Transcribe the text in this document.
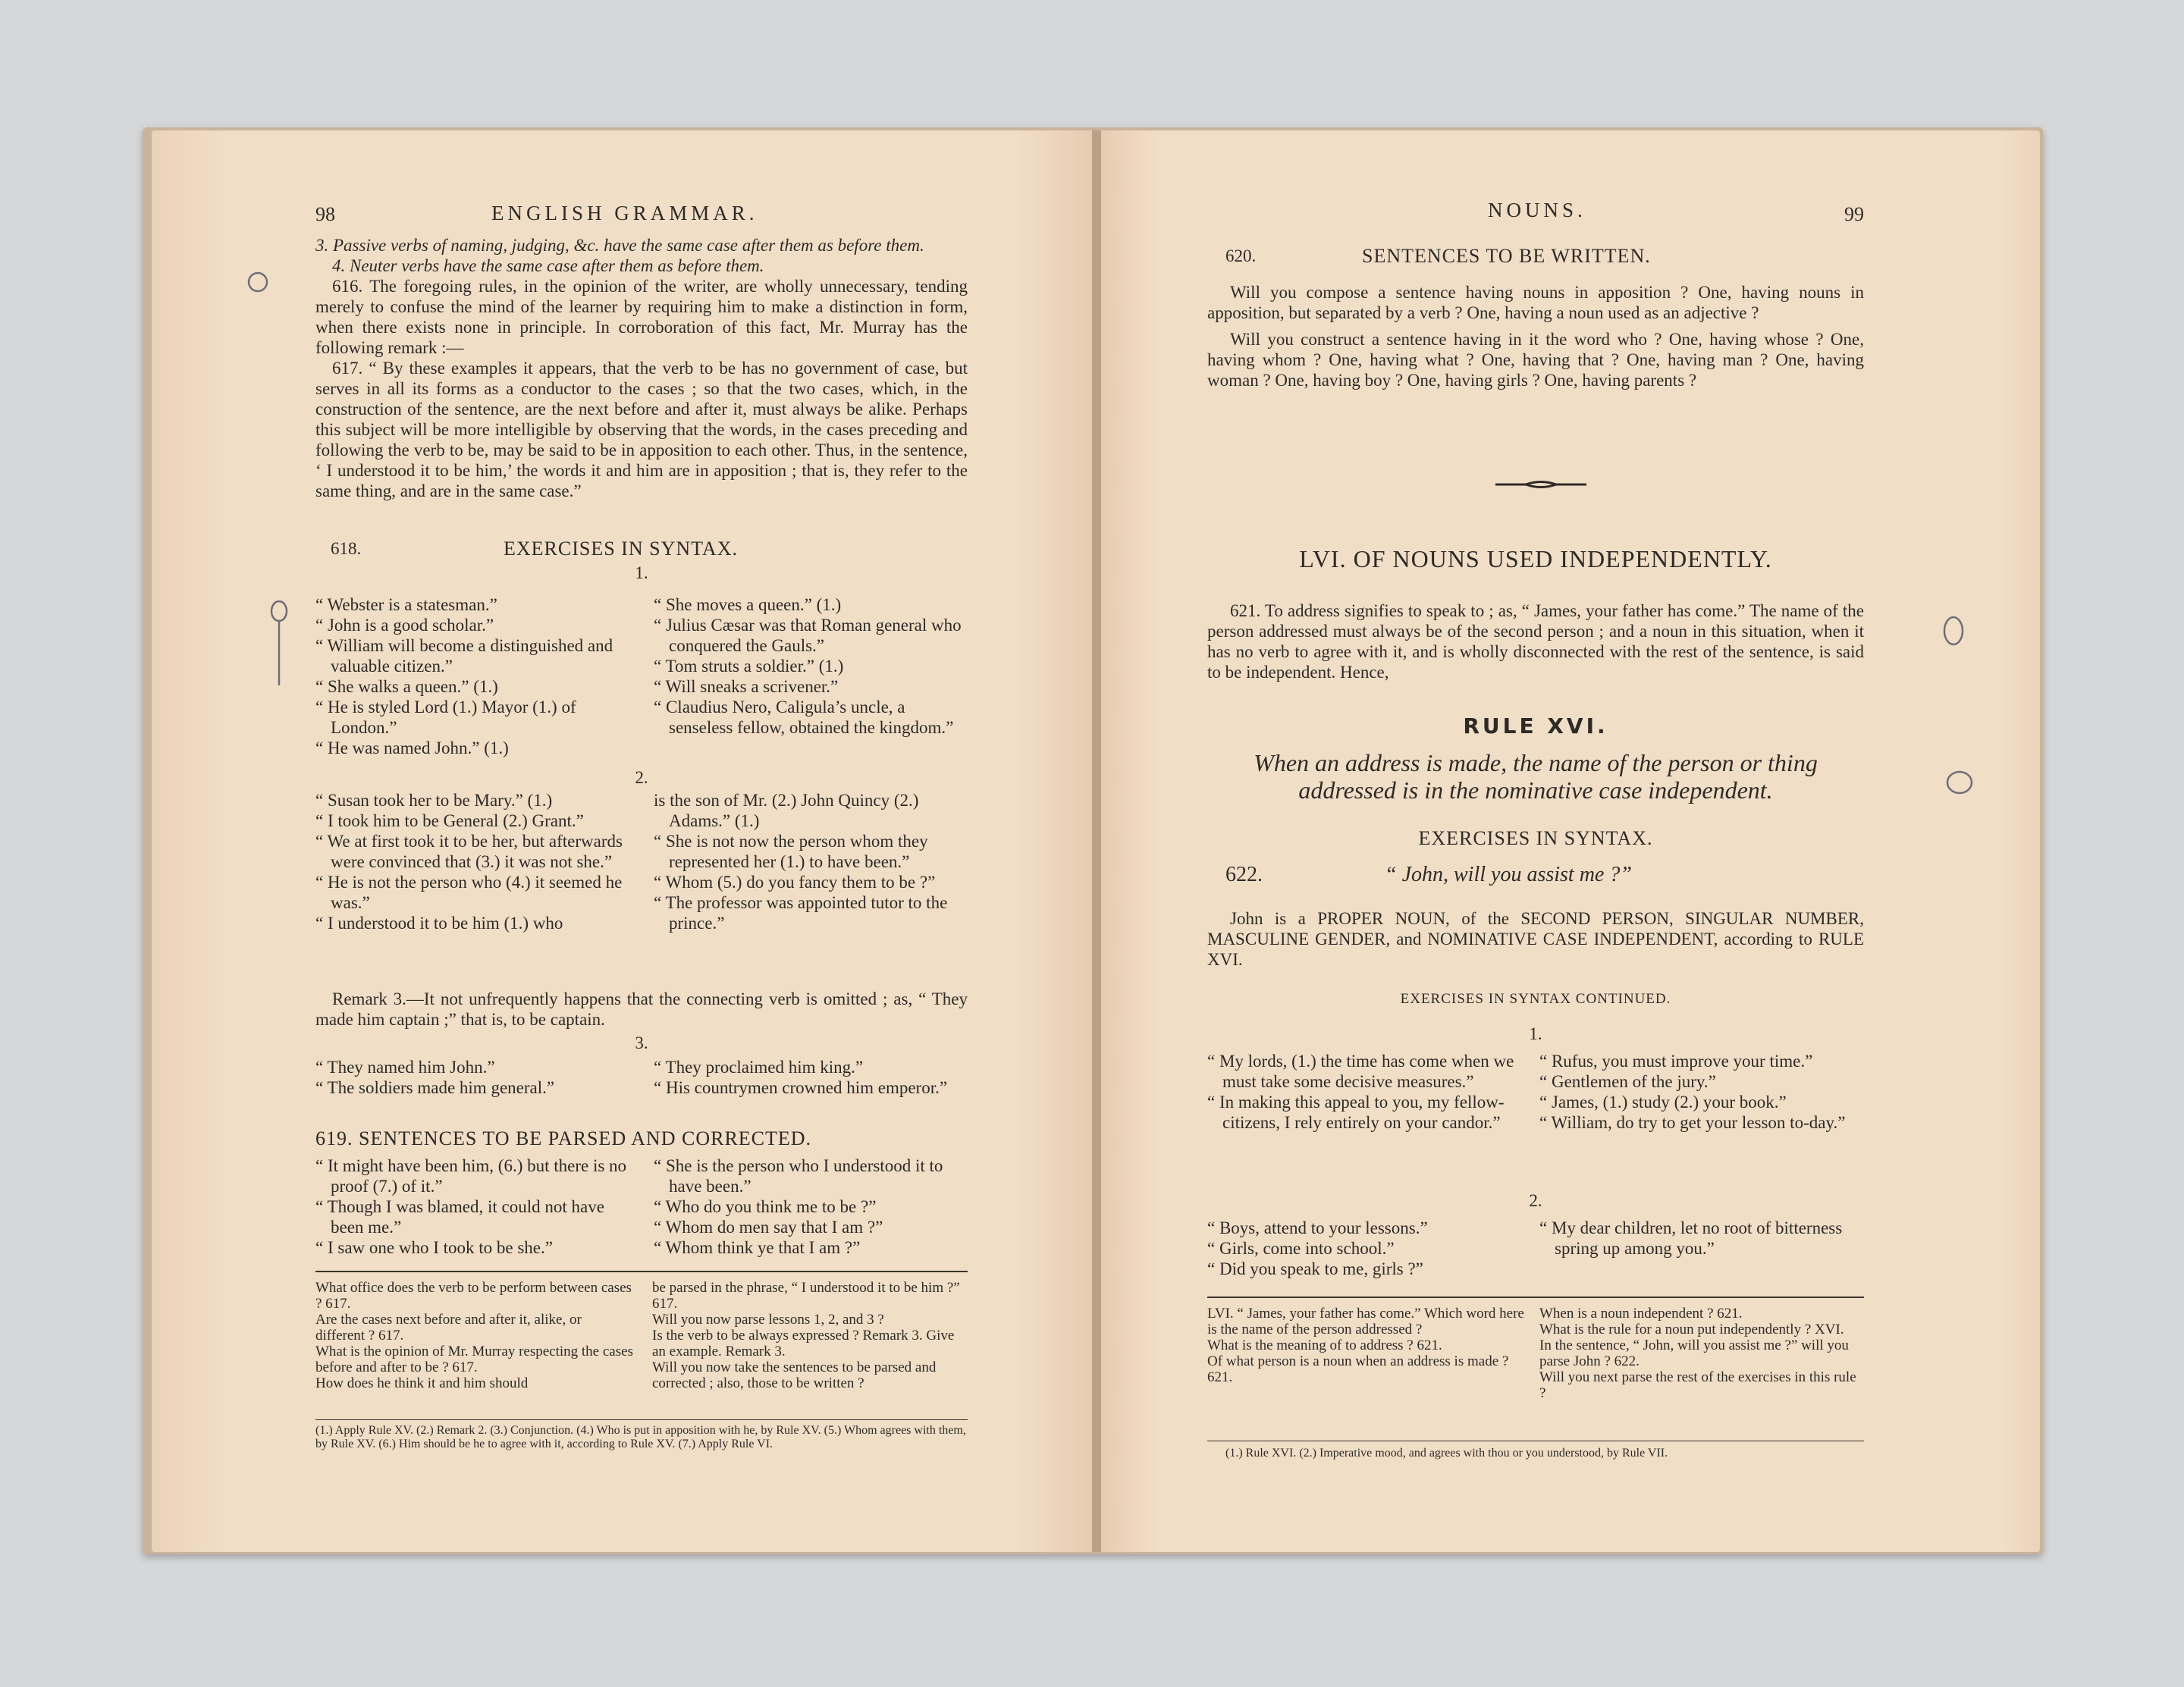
98	ENGLISH GRAMMAR.

3. Passive verbs of naming, judging, &c. have the same case after them as before them.

4. Neuter verbs have the same case after them as before them.

616. The foregoing rules, in the opinion of the writer, are wholly unnecessary, tending merely to confuse the mind of the learner by requiring him to make a distinction in form, when there exists none in principle. In corroboration of this fact, Mr. Murray has the following remark :—

617. “ By these examples it appears, that the verb to be has no government of case, but serves in all its forms as a conductor to the cases ; so that the two cases, which, in the construction of the sentence, are the next before and after it, must always be alike. Perhaps this subject will be more intelligible by observing that the words, in the cases preceding and following the verb to be, may be said to be in apposition to each other. Thus, in the sentence, ‘ I understood it to be him,’ the words it and him are in apposition ; that is, they refer to the same thing, and are in the same case.”

618.	EXERCISES IN SYNTAX.
1.

“ Webster is a statesman.”

“ John is a good scholar.”

“ William will become a distinguished and valuable citizen.”

“ She walks a queen.” (1.)

“ He is styled Lord (1.) Mayor (1.) of London.”

“ He was named John.” (1.)

“ She moves a queen.” (1.)

“ Julius Cæsar was that Roman general who conquered the Gauls.”

“ Tom struts a soldier.” (1.)

“ Will sneaks a scrivener.”

“ Claudius Nero, Caligula’s uncle, a senseless fellow, obtained the kingdom.”

2.

“ Susan took her to be Mary.” (1.)

“ I took him to be General (2.) Grant.”

“ We at first took it to be her, but afterwards were convinced that (3.) it was not she.”

“ He is not the person who (4.) it seemed he was.”

“ I understood it to be him (1.) who

is the son of Mr. (2.) John Quincy (2.) Adams.” (1.)

“ She is not now the person whom they represented her (1.) to have been.”

“ Whom (5.) do you fancy them to be ?”

“ The professor was appointed tutor to the prince.”

Remark 3.—It not unfrequently happens that the connecting verb is omitted ; as, “ They made him captain ;” that is, to be captain.

3.

“ They named him John.”

“ The soldiers made him general.”

“ They proclaimed him king.”

“ His countrymen crowned him emperor.”

619. SENTENCES TO BE PARSED AND CORRECTED.

“ It might have been him, (6.) but there is no proof (7.) of it.”

“ Though I was blamed, it could not have been me.”

“ I saw one who I took to be she.”

“ She is the person who I understood it to have been.”

“ Who do you think me to be ?”

“ Whom do men say that I am ?”

“ Whom think ye that I am ?”

What office does the verb to be perform between cases ? 617.
Are the cases next before and after it, alike, or different ? 617.
What is the opinion of Mr. Murray respecting the cases before and after to be ? 617.
How does he think it and him should
be parsed in the phrase, “ I understood it to be him ?” 617.
Will you now parse lessons 1, 2, and 3 ?
Is the verb to be always expressed ? Remark 3. Give an example. Remark 3.
Will you now take the sentences to be parsed and corrected ; also, those to be written ?
(1.) Apply Rule XV. (2.) Remark 2. (3.) Conjunction. (4.) Who is put in apposition with he, by Rule XV. (5.) Whom agrees with them, by Rule XV. (6.) Him should be he to agree with it, according to Rule XV. (7.) Apply Rule VI.
NOUNS.	99
620.	SENTENCES TO BE WRITTEN.

Will you compose a sentence having nouns in apposition ? One, having nouns in apposition, but separated by a verb ? One, having a noun used as an adjective ?

Will you construct a sentence having in it the word who ? One, having whose ? One, having whom ? One, having what ? One, having that ? One, having man ? One, having woman ? One, having boy ? One, having girls ? One, having parents ?

LVI. OF NOUNS USED INDEPENDENTLY.

621. To address signifies to speak to ; as, “ James, your father has come.” The name of the person addressed must always be of the second person ; and a noun in this situation, when it has no verb to agree with it, and is wholly disconnected with the rest of the sentence, is said to be independent. Hence,

RULE XVI.
When an address is made, the name of the person or thing addressed is in the nominative case independent.
EXERCISES IN SYNTAX.
622.	“ John, will you assist me ?”

John is a PROPER NOUN, of the SECOND PERSON, SINGULAR NUMBER, MASCULINE GENDER, and NOMINATIVE CASE INDEPENDENT, according to RULE XVI.

EXERCISES IN SYNTAX CONTINUED.
1.

“ My lords, (1.) the time has come when we must take some decisive measures.”

“ In making this appeal to you, my fellow-citizens, I rely entirely on your candor.”

“ Rufus, you must improve your time.”

“ Gentlemen of the jury.”

“ James, (1.) study (2.) your book.”

“ William, do try to get your lesson to-day.”

2.

“ Boys, attend to your lessons.”

“ Girls, come into school.”

“ Did you speak to me, girls ?”

“ My dear children, let no root of bitterness spring up among you.”

LVI. “ James, your father has come.” Which word here is the name of the person addressed ?
What is the meaning of to address ? 621.
Of what person is a noun when an address is made ? 621.
When is a noun independent ? 621.
What is the rule for a noun put independently ? XVI.
In the sentence, “ John, will you assist me ?” will you parse John ? 622.
Will you next parse the rest of the exercises in this rule ?
(1.) Rule XVI. (2.) Imperative mood, and agrees with thou or you understood, by Rule VII.
